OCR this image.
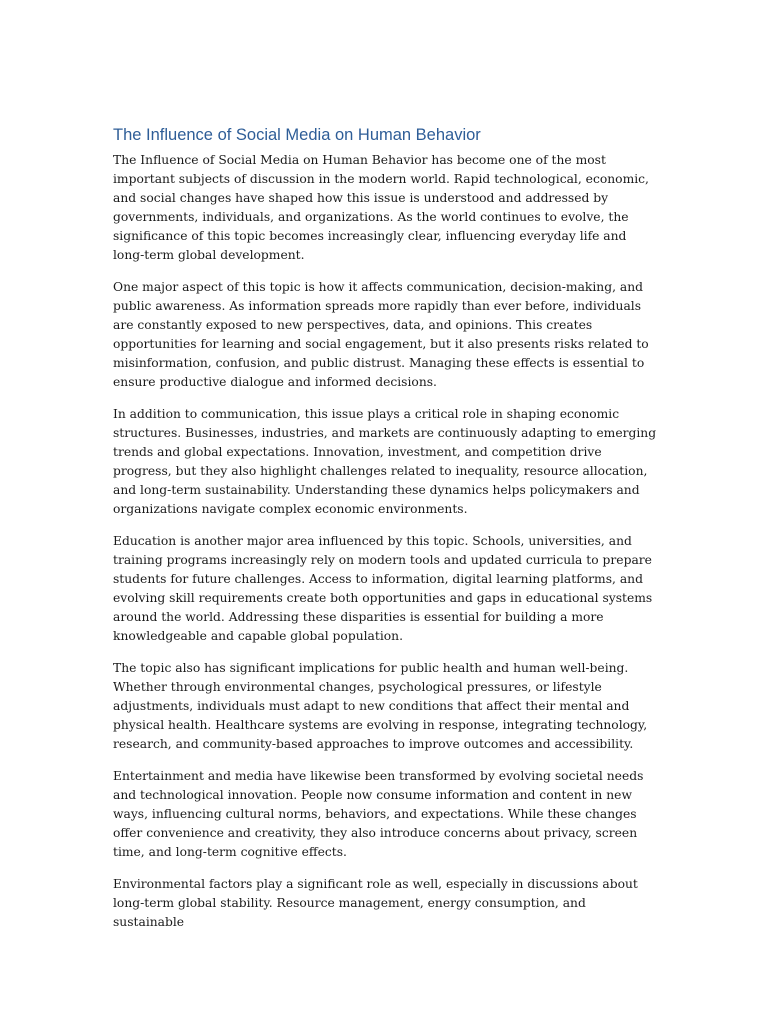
The Influence of Social Media on Human Behavior

The Influence of Social Media on Human Behavior has become one of the most important subjects of discussion in the modern world. Rapid technological, economic, and social changes have shaped how this issue is understood and addressed by governments, individuals, and organizations. As the world continues to evolve, the significance of this topic becomes increasingly clear, influencing everyday life and long-term global development.

One major aspect of this topic is how it affects communication, decision-making, and public awareness. As information spreads more rapidly than ever before, individuals are constantly exposed to new perspectives, data, and opinions. This creates opportunities for learning and social engagement, but it also presents risks related to misinformation, confusion, and public distrust. Managing these effects is essential to ensure productive dialogue and informed decisions.

In addition to communication, this issue plays a critical role in shaping economic structures. Businesses, industries, and markets are continuously adapting to emerging trends and global expectations. Innovation, investment, and competition drive progress, but they also highlight challenges related to inequality, resource allocation, and long-term sustainability. Understanding these dynamics helps policymakers and organizations navigate complex economic environments.

Education is another major area influenced by this topic. Schools, universities, and training programs increasingly rely on modern tools and updated curricula to prepare students for future challenges. Access to information, digital learning platforms, and evolving skill requirements create both opportunities and gaps in educational systems around the world. Addressing these disparities is essential for building a more knowledgeable and capable global population.

The topic also has significant implications for public health and human well-being. Whether through environmental changes, psychological pressures, or lifestyle adjustments, individuals must adapt to new conditions that affect their mental and physical health. Healthcare systems are evolving in response, integrating technology, research, and community-based approaches to improve outcomes and accessibility.

Entertainment and media have likewise been transformed by evolving societal needs and technological innovation. People now consume information and content in new ways, influencing cultural norms, behaviors, and expectations. While these changes offer convenience and creativity, they also introduce concerns about privacy, screen time, and long-term cognitive effects.

Environmental factors play a significant role as well, especially in discussions about long-term global stability. Resource management, energy consumption, and sustainable
